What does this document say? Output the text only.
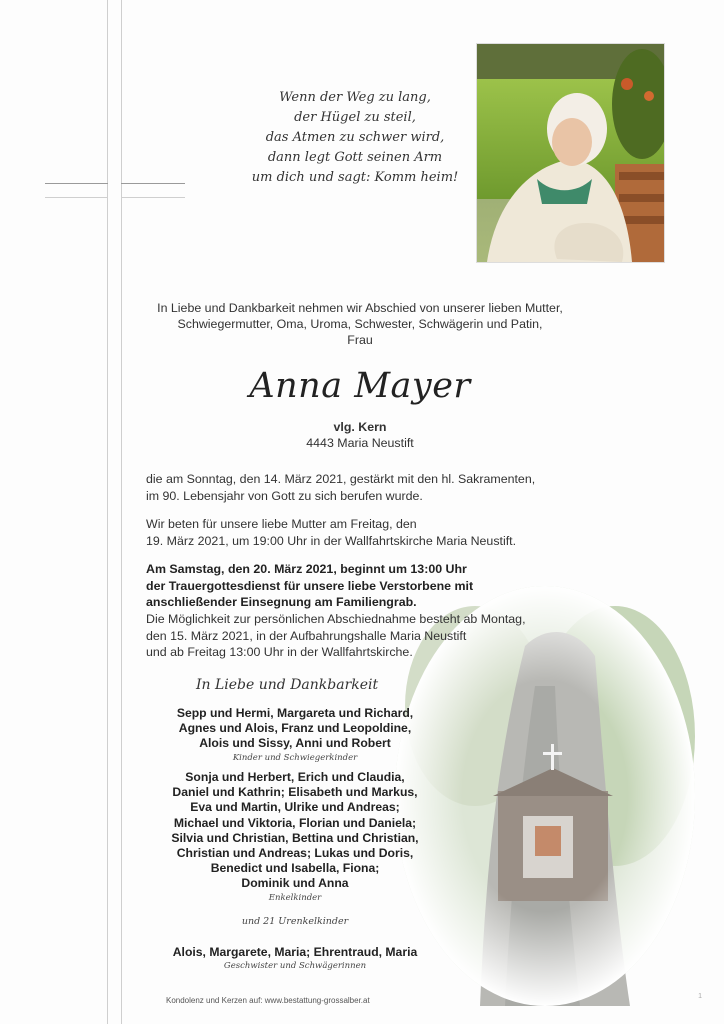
Wenn der Weg zu lang,
der Hügel zu steil,
das Atmen zu schwer wird,
dann legt Gott seinen Arm
um dich und sagt: Komm heim!
In Liebe und Dankbarkeit nehmen wir Abschied von unserer lieben Mutter,
Schwiegermutter, Oma, Uroma, Schwester, Schwägerin und Patin,
Frau
Anna Mayer
vlg. Kern
4443 Maria Neustift
die am Sonntag, den 14. März 2021, gestärkt mit den hl. Sakramenten,
im 90. Lebensjahr von Gott zu sich berufen wurde.
Wir beten für unsere liebe Mutter am Freitag, den
19. März 2021, um 19:00 Uhr in der Wallfahrtskirche Maria Neustift.
Am Samstag, den 20. März 2021, beginnt um 13:00 Uhr
der Trauergottesdienst für unsere liebe Verstorbene mit
anschließender Einsegnung am Familiengrab.
Die Möglichkeit zur persönlichen Abschiednahme besteht ab Montag,
den 15. März 2021, in der Aufbahrungshalle Maria Neustift
und ab Freitag 13:00 Uhr in der Wallfahrtskirche.
In Liebe und Dankbarkeit
Sepp und Hermi, Margareta und Richard,
Agnes und Alois, Franz und Leopoldine,
Alois und Sissy, Anni und Robert
Kinder und Schwiegerkinder
Sonja und Herbert, Erich und Claudia,
Daniel und Kathrin; Elisabeth und Markus,
Eva und Martin, Ulrike und Andreas;
Michael und Viktoria, Florian und Daniela;
Silvia und Christian, Bettina und Christian,
Christian und Andreas; Lukas und Doris,
Benedict und Isabella, Fiona;
Dominik und Anna
Enkelkinder
und 21 Urenkelkinder
Alois, Margarete, Maria; Ehrentraud, Maria
Geschwister und Schwägerinnen
Kondolenz und Kerzen auf: www.bestattung-grossalber.at	1
